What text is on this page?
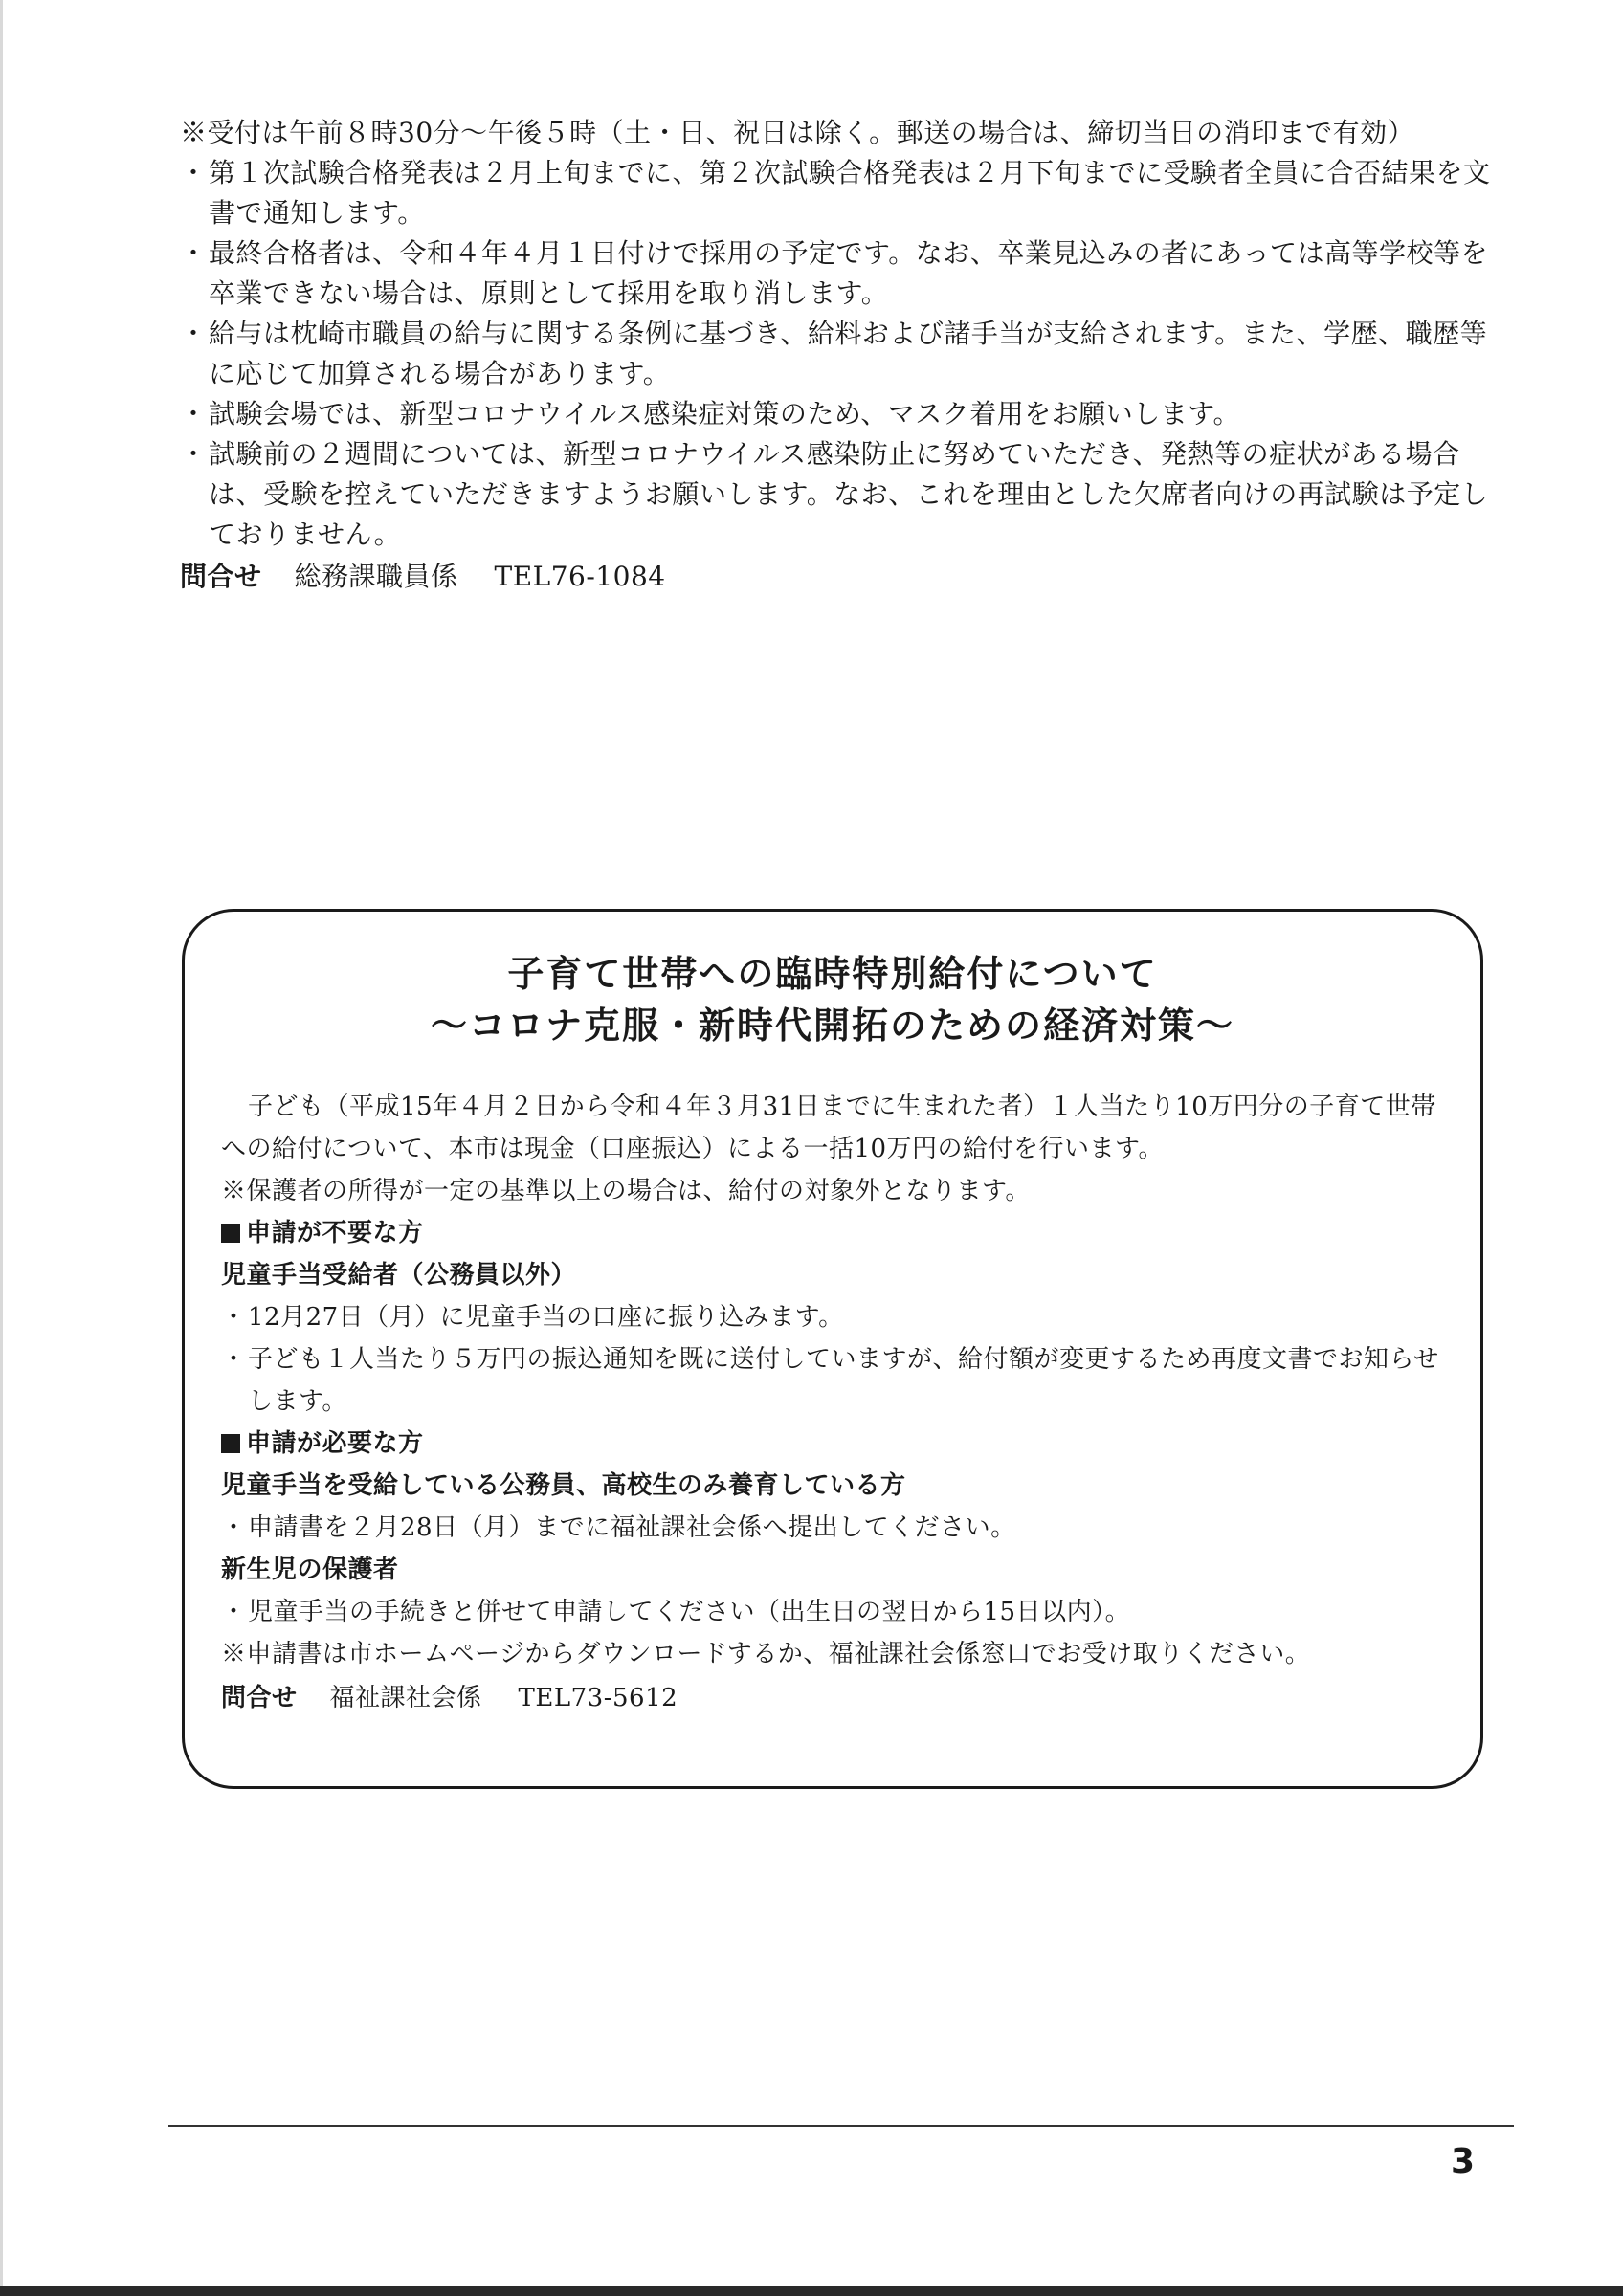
※受付は午前８時30分～午後５時（土・日、祝日は除く。郵送の場合は、締切当日の消印まで有効）

・ 第１次試験合格発表は２月上旬までに、第２次試験合格発表は２月下旬までに受験者全員に合否結果を文書で通知します。
・ 最終合格者は、令和４年４月１日付けで採用の予定です。なお、卒業見込みの者にあっては高等学校等を卒業できない場合は、原則として採用を取り消します。
・ 給与は枕崎市職員の給与に関する条例に基づき、給料および諸手当が支給されます。また、学歴、職歴等に応じて加算される場合があります。
・ 試験会場では、新型コロナウイルス感染症対策のため、マスク着用をお願いします。
・ 試験前の２週間については、新型コロナウイルス感染防止に努めていただき、発熱等の症状がある場合は、受験を控えていただきますようお願いします。なお、これを理由とした欠席者向けの再試験は予定しておりません。
問合せ 総務課職員係 TEL76-1084
子育て世帯への臨時特別給付について
～コロナ克服・新時代開拓のための経済対策～

子ども（平成15年４月２日から令和４年３月31日までに生まれた者）１人当たり10万円分の子育て世帯への給付について、本市は現金（口座振込）による一括10万円の給付を行います。

※保護者の所得が一定の基準以上の場合は、給付の対象外となります。

申請が不要な方

児童手当受給者（公務員以外）

・ 12月27日（月）に児童手当の口座に振り込みます。
・ 子ども１人当たり５万円の振込通知を既に送付していますが、給付額が変更するため再度文書でお知らせします。
申請が必要な方

児童手当を受給している公務員、高校生のみ養育している方

・ 申請書を２月28日（月）までに福祉課社会係へ提出してください。

新生児の保護者

・ 児童手当の手続きと併せて申請してください（出生日の翌日から15日以内）。

※申請書は市ホームページからダウンロードするか、福祉課社会係窓口でお受け取りください。

問合せ 福祉課社会係 TEL73-5612
3
